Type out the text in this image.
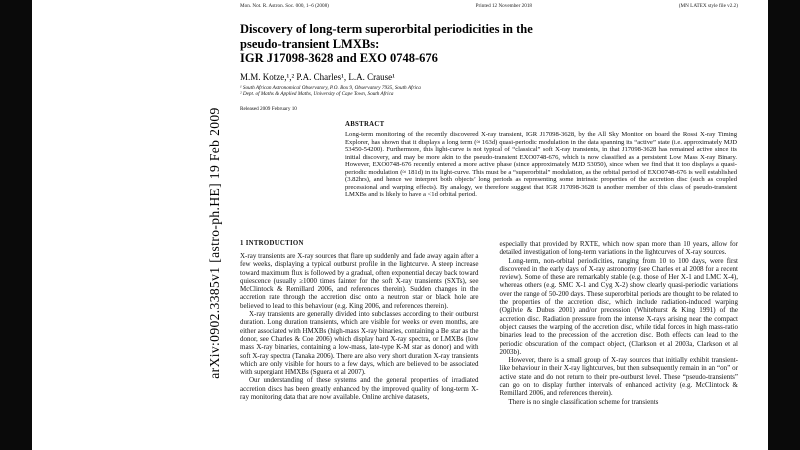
arXiv:0902.3385v1 [astro-ph.HE] 19 Feb 2009
Mon. Not. R. Astron. Soc. 000, 1–6 (2008)	Printed 12 November 2018	(MN LATEX style file v2.2)
Discovery of long-term superorbital periodicities in the
pseudo-transient LMXBs:
IGR J17098-3628 and EXO 0748-676
M.M. Kotze,¹,² P.A. Charles¹, L.A. Crause¹
¹ South African Astronomical Observatory, P.O. Box 9, Observatory 7935, South Africa
² Dept. of Maths & Applied Maths, University of Cape Town, South Africa
Released 2009 February 10
ABSTRACT
Long-term monitoring of the recently discovered X-ray transient, IGR J17098-3628, by the All Sky Monitor on board the Rossi X-ray Timing Explorer, has shown that it displays a long term (≈ 163d) quasi-periodic modulation in the data spanning its “active” state (i.e. approximately MJD 53450-54200). Furthermore, this light-curve is not typical of “classical” soft X-ray transients, in that J17098-3628 has remained active since its initial discovery, and may be more akin to the pseudo-transient EXO0748-676, which is now classified as a persistent Low Mass X-ray Binary. However, EXO0748-676 recently entered a more active phase (since approximately MJD 53050), since when we find that it too displays a quasi-periodic modulation (≈ 181d) in its light-curve. This must be a “superorbital” modulation, as the orbital period of EXO0748-676 is well established (3.82hrs), and hence we interpret both objects’ long periods as representing some intrinsic properties of the accretion disc (such as coupled precessional and warping effects). By analogy, we therefore suggest that IGR J17098-3628 is another member of this class of pseudo-transient LMXBs and is likely to have a <1d orbital period.
1 INTRODUCTION

X-ray transients are X-ray sources that flare up suddenly and fade away again after a few weeks, displaying a typical outburst profile in the lightcurve. A steep increase toward maximum flux is followed by a gradual, often exponential decay back toward quiescence (usually ≥1000 times fainter for the soft X-ray transients (SXTs), see McClintock & Remillard 2006, and references therein). Sudden changes in the accretion rate through the accretion disc onto a neutron star or black hole are believed to lead to this behaviour (e.g. King 2006, and references therein).

X-ray transients are generally divided into subclasses according to their outburst duration. Long duration transients, which are visible for weeks or even months, are either associated with HMXBs (high-mass X-ray binaries, containing a Be star as the donor, see Charles & Coe 2006) which display hard X-ray spectra, or LMXBs (low mass X-ray binaries, containing a low-mass, late-type K-M star as donor) and with soft X-ray spectra (Tanaka 2006). There are also very short duration X-ray transients which are only visible for hours to a few days, which are believed to be associated with supergiant HMXBs (Sguera et al 2007).

Our understanding of these systems and the general properties of irradiated accretion discs has been greatly enhanced by the improved quality of long-term X-ray monitoring data that are now available. Online archive datasets,

especially that provided by RXTE, which now span more than 10 years, allow for detailed investigation of long-term variations in the lightcurves of X-ray sources.

Long-term, non-orbital periodicities, ranging from 10 to 100 days, were first discovered in the early days of X-ray astronomy (see Charles et al 2008 for a recent review). Some of these are remarkably stable (e.g. those of Her X-1 and LMC X-4), whereas others (e.g. SMC X-1 and Cyg X-2) show clearly quasi-periodic variations over the range of 50-200 days. These superorbital periods are thought to be related to the properties of the accretion disc, which include radiation-induced warping (Ogilvie & Dubus 2001) and/or precession (Whitehurst & King 1991) of the accretion disc. Radiation pressure from the intense X-rays arising near the compact object causes the warping of the accretion disc, while tidal forces in high mass-ratio binaries lead to the precession of the accretion disc. Both effects can lead to the periodic obscuration of the compact object, (Clarkson et al 2003a, Clarkson et al 2003b).

However, there is a small group of X-ray sources that initially exhibit transient-like behaviour in their X-ray lightcurves, but then subsequently remain in an “on” or active state and do not return to their pre-outburst level. These “pseudo-transients” can go on to display further intervals of enhanced activity (e.g. McClintock & Remillard 2006, and references therein).

There is no single classification scheme for transients
